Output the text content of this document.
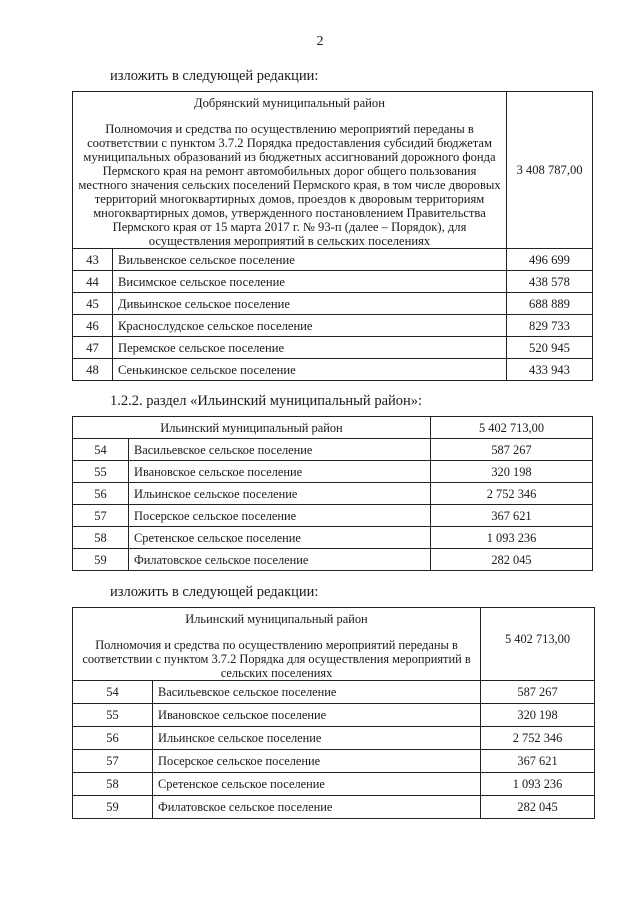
2
изложить в следующей редакции:
Добрянский муниципальный район
Полномочия и средства по осуществлению мероприятий переданы в соответствии с пунктом 3.7.2 Порядка предоставления субсидий бюджетам муниципальных образований из бюджетных ассигнований дорожного фонда Пермского края на ремонт автомобильных дорог общего пользования местного значения сельских поселений Пермского края, в том числе дворовых территорий многоквартирных домов, проездов к дворовым территориям многоквартирных домов, утвержденного постановлением Правительства Пермского края от 15 марта 2017 г. № 93-п (далее – Порядок), для осуществления мероприятий в сельских поселениях		3 408 787,00
43	Вильвенское сельское поселение	496 699
44	Висимское сельское поселение	438 578
45	Дивьинское сельское поселение	688 889
46	Краснослудское сельское поселение	829 733
47	Перемское сельское поселение	520 945
48	Сенькинское сельское поселение	433 943
1.2.2. раздел «Ильинский муниципальный район»:
Ильинский муниципальный район		5 402 713,00
54	Васильевское сельское поселение	587 267
55	Ивановское сельское поселение	320 198
56	Ильинское сельское поселение	2 752 346
57	Посерское сельское поселение	367 621
58	Сретенское сельское поселение	1 093 236
59	Филатовское сельское поселение	282 045
изложить в следующей редакции:
Ильинский муниципальный район
Полномочия и средства по осуществлению мероприятий переданы в соответствии с пунктом 3.7.2 Порядка для осуществления мероприятий в сельских поселениях		5 402 713,00
54	Васильевское сельское поселение	587 267
55	Ивановское сельское поселение	320 198
56	Ильинское сельское поселение	2 752 346
57	Посерское сельское поселение	367 621
58	Сретенское сельское поселение	1 093 236
59	Филатовское сельское поселение	282 045
